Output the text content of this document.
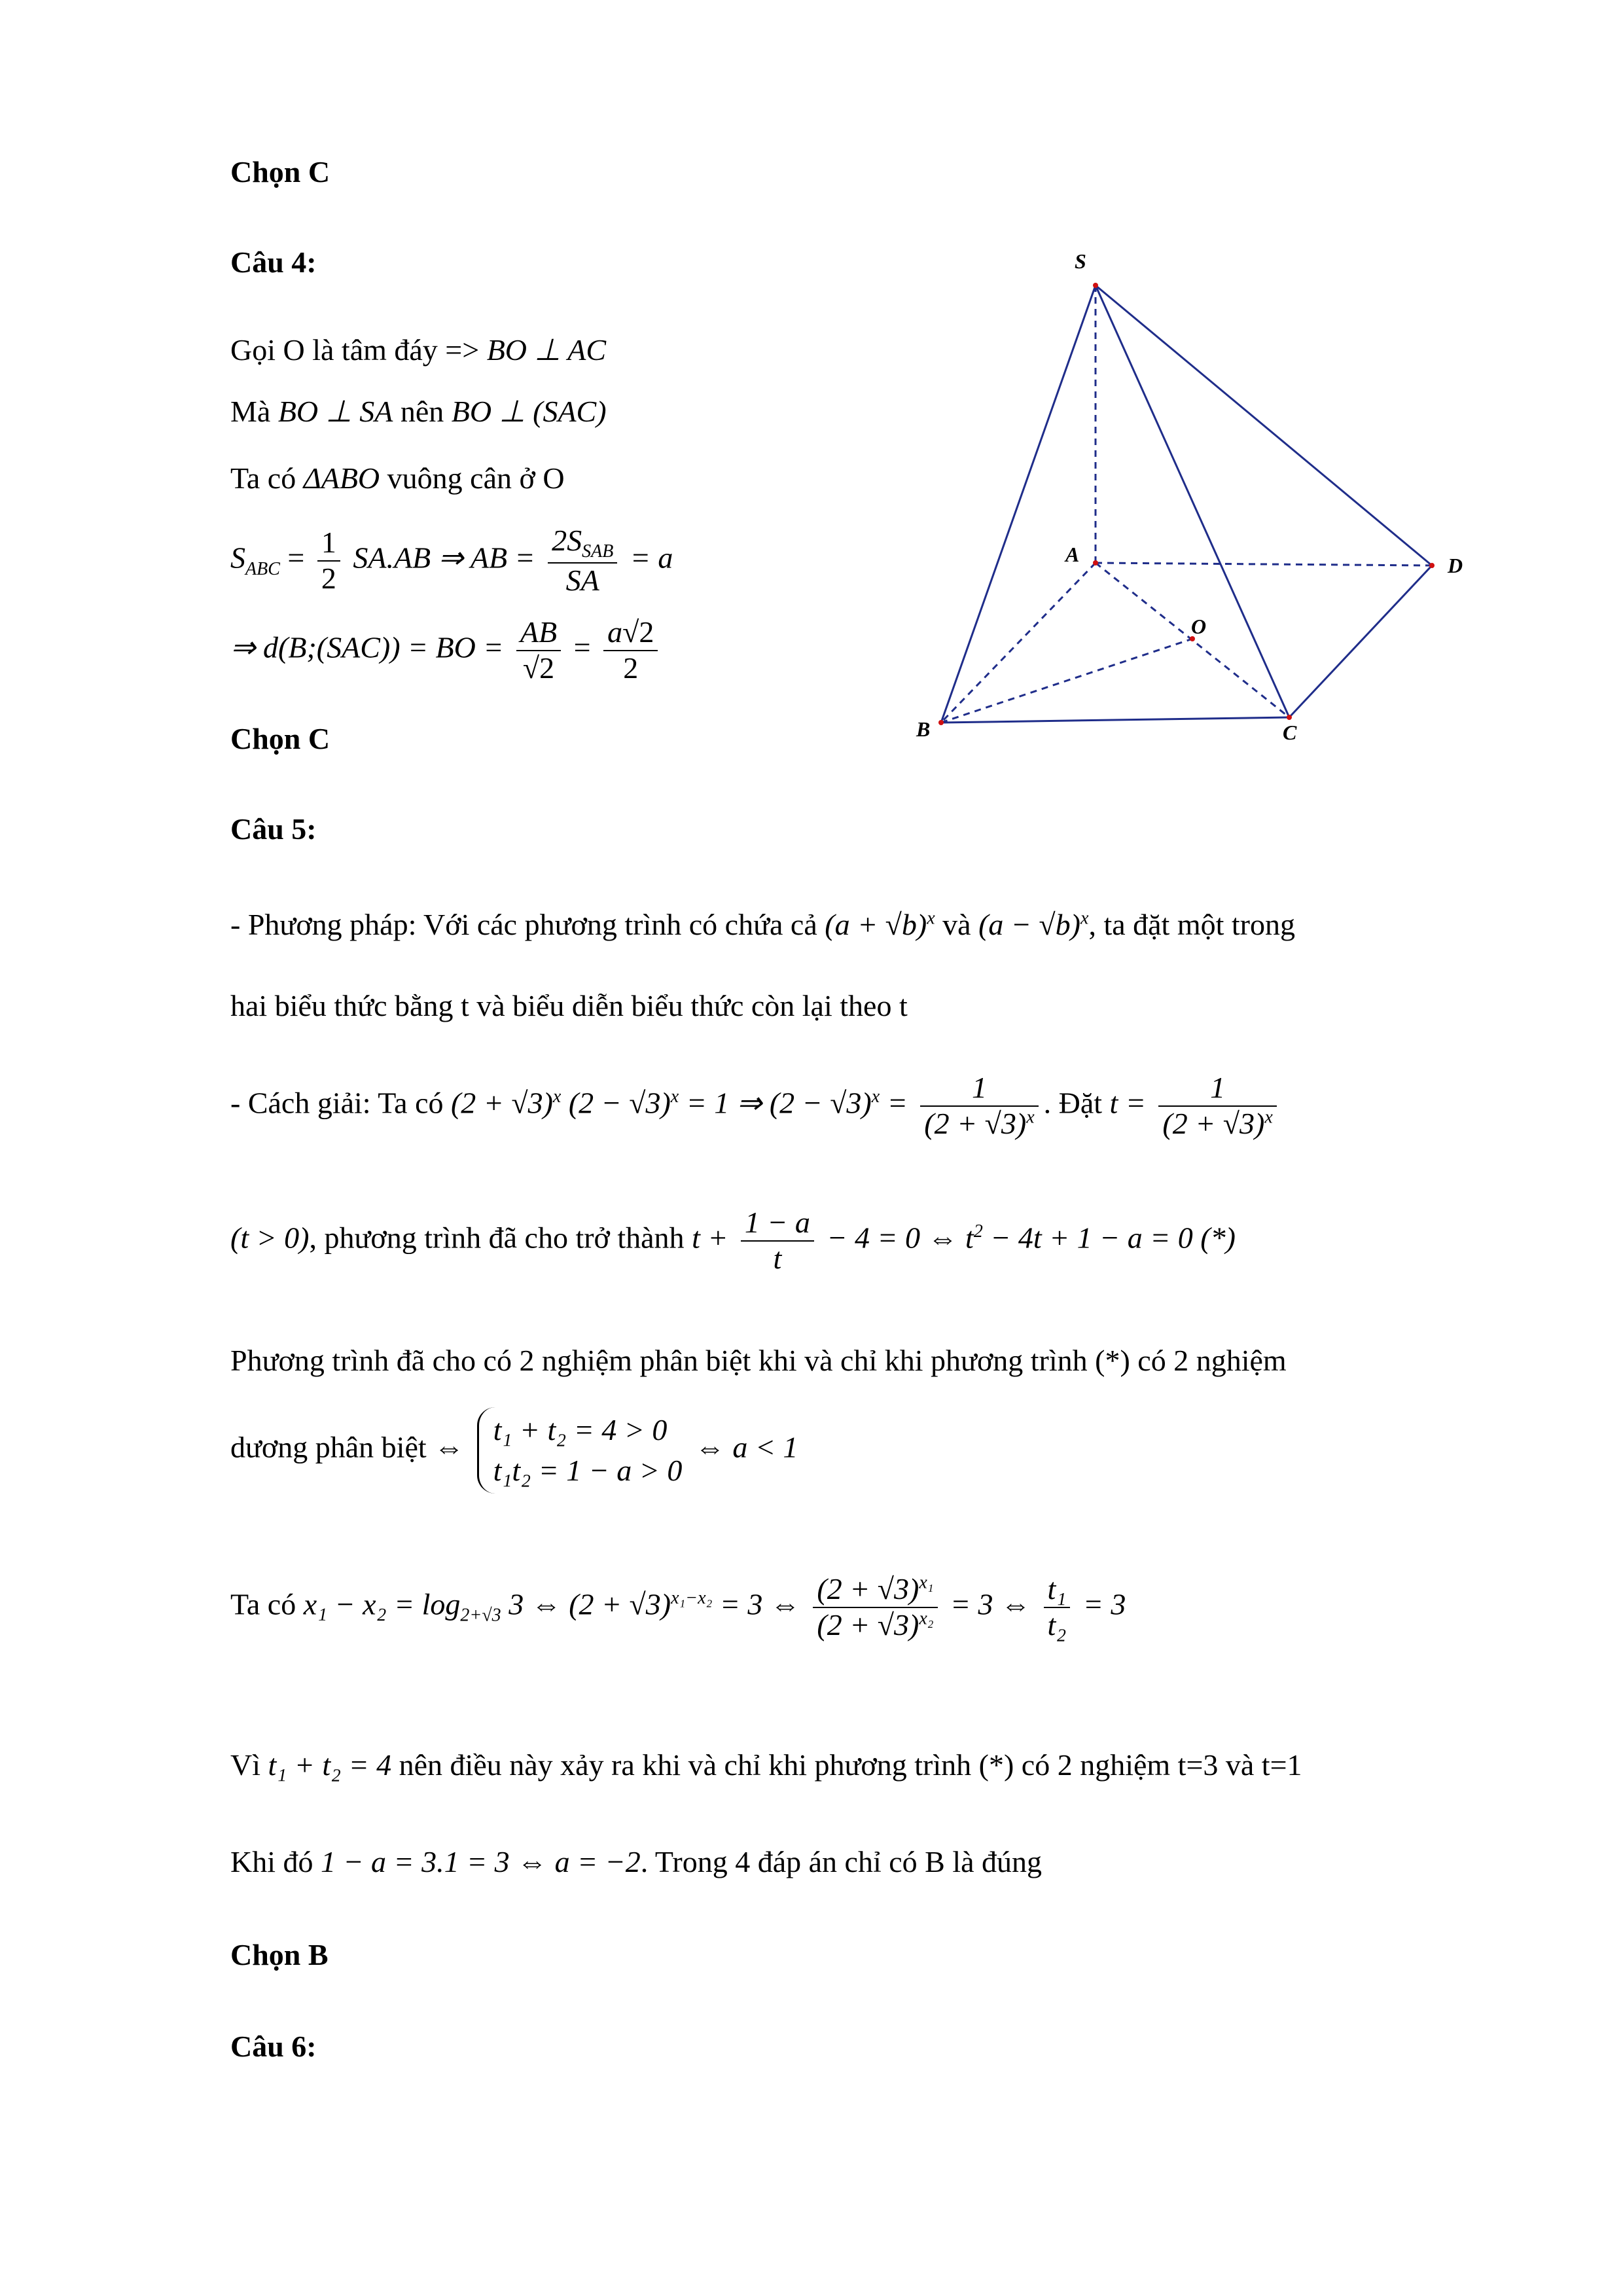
Chọn C
Câu 4:
Gọi O là tâm đáy => BO ⊥ AC
Mà BO ⊥ SA nên BO ⊥ (SAC)
Ta có ΔABO vuông cân ở O
$S_{ABC} = \frac{1}{2} SA.AB$ ⇒ AB = $\frac{2S_{SAB}}{SA} = a$
⇒ d(B;(SAC)) = BO = $\frac{AB}{√2} = \frac{a√2}{2}$
Chọn C
S
A
B	C
D
O
Câu 5:
- Phương pháp: Với các phương trình có chứa cả $(a + √b)^x$ và $(a - √b)^x$, ta đặt một trong
hai biểu thức bằng t và biểu diễn biểu thức còn lại theo t
- Cách giải: Ta có $(2 + √3)^x$ $(2 - √3)^x = 1$ ⇒ $(2 - √3)^x = \frac{1}{(2 + √3)^x}$ . Đặt $t = \frac{1}{(2 + √3)^x}$
(t > 0), phương trình đã cho trở thành $t + \frac{1 - a}{t} - 4 = 0$ ⇔ $t^2 - 4t + 1 - a = 0$ (*)
Phương trình đã cho có 2 nghiệm phân biệt khi và chỉ khi phương trình (*) có 2 nghiệm
dương phân biệt ⇔
t₁ + t₂ = 4 > 0
t₁t₂ = 1 − a > 0
⇔ a < 1
Ta có $x_1 - x_2 = \log_{2+√3} 3$ ⇔ $(2 + √3)^{x_1-x_2} = 3$ ⇔ $\frac{(2 + √3)^{x_1}}{(2 + √3)^{x_2}} = 3$ ⇔ $\frac{\text{t₁}}{\text{t₂}} = 3$
Vì t₁ + t₂ = 4 nên điều này xảy ra khi và chỉ khi phương trình (*) có 2 nghiệm t=3 và t=1
Khi đó 1 − a = 3.1 = 3 ⇔ a = −2. Trong 4 đáp án chỉ có B là đúng
Chọn B
Câu 6:
